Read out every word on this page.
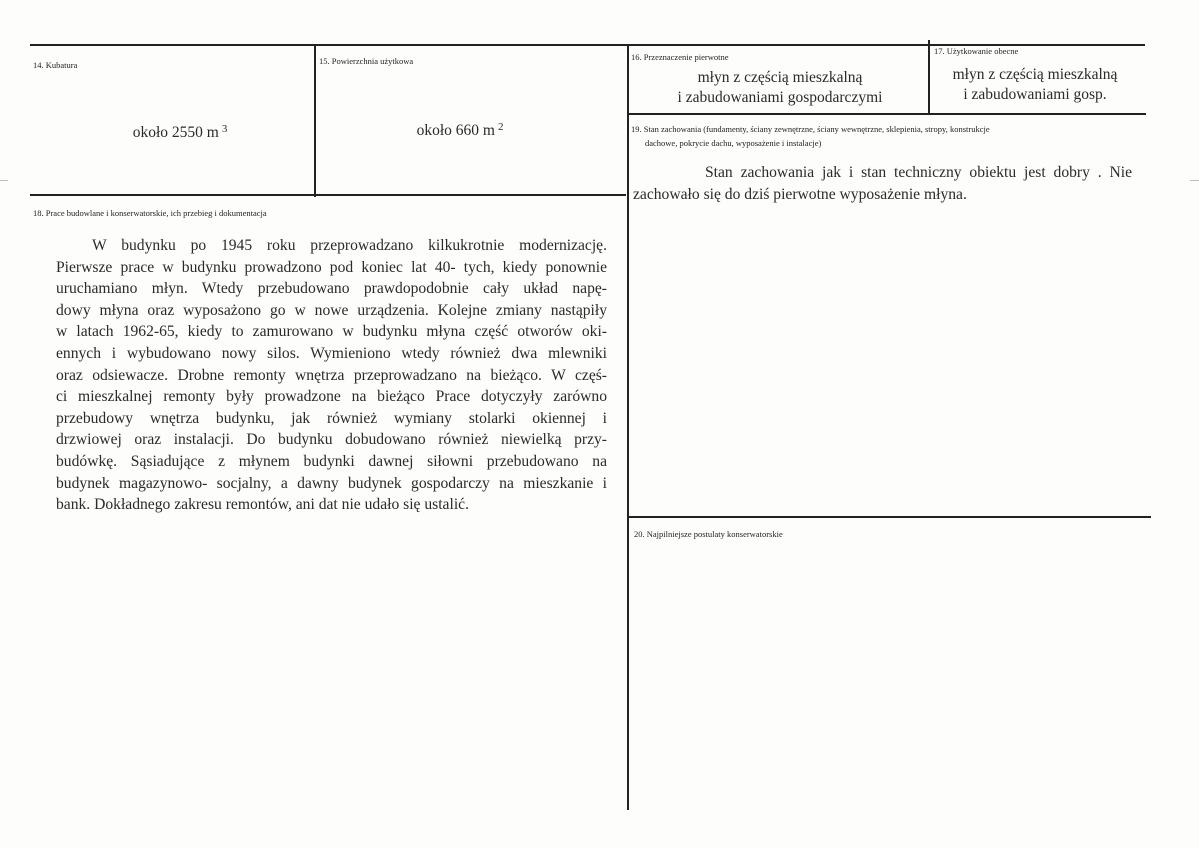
14. Kubatura
około 2550 m $^3$
15. Powierzchnia użytkowa
około 660 m $^2$
16. Przeznaczenie pierwotne
młyn z częścią mieszkalną
i zabudowaniami gospodarczymi
17. Użytkowanie obecne
młyn z częścią mieszkalną
i zabudowaniami gosp.
18. Prace budowlane i konserwatorskie, ich przebieg i dokumentacja
W budynku po 1945 roku przeprowadzano kilkukrotnie modernizację.
Pierwsze prace w budynku prowadzono pod koniec lat 40- tych, kiedy ponownie
uruchamiano młyn. Wtedy przebudowano prawdopodobnie cały układ napę-
dowy młyna oraz wyposażono go w nowe urządzenia. Kolejne zmiany nastąpiły
w latach 1962-65, kiedy to zamurowano w budynku młyna część otworów oki-
ennych i wybudowano nowy silos. Wymieniono wtedy również dwa mlewniki
oraz odsiewacze. Drobne remonty wnętrza przeprowadzano na bieżąco. W częś-
ci mieszkalnej remonty były prowadzone na bieżąco Prace dotyczyły zarówno
przebudowy wnętrza budynku, jak również wymiany stolarki okiennej i
drzwiowej oraz instalacji. Do budynku dobudowano również niewielką przy-
budówkę. Sąsiadujące z młynem budynki dawnej siłowni przebudowano na
budynek magazynowo- socjalny, a dawny budynek gospodarczy na mieszkanie i
bank. Dokładnego zakresu remontów, ani dat nie udało się ustalić.
19. Stan zachowania (fundamenty, ściany zewnętrzne, ściany wewnętrzne, sklepienia, stropy, konstrukcje
dachowe, pokrycie dachu, wyposażenie i instalacje)
Stan zachowania jak i stan techniczny obiektu jest dobry . Nie
zachowało się do dziś pierwotne wyposażenie młyna.
20. Najpilniejsze postulaty konserwatorskie
